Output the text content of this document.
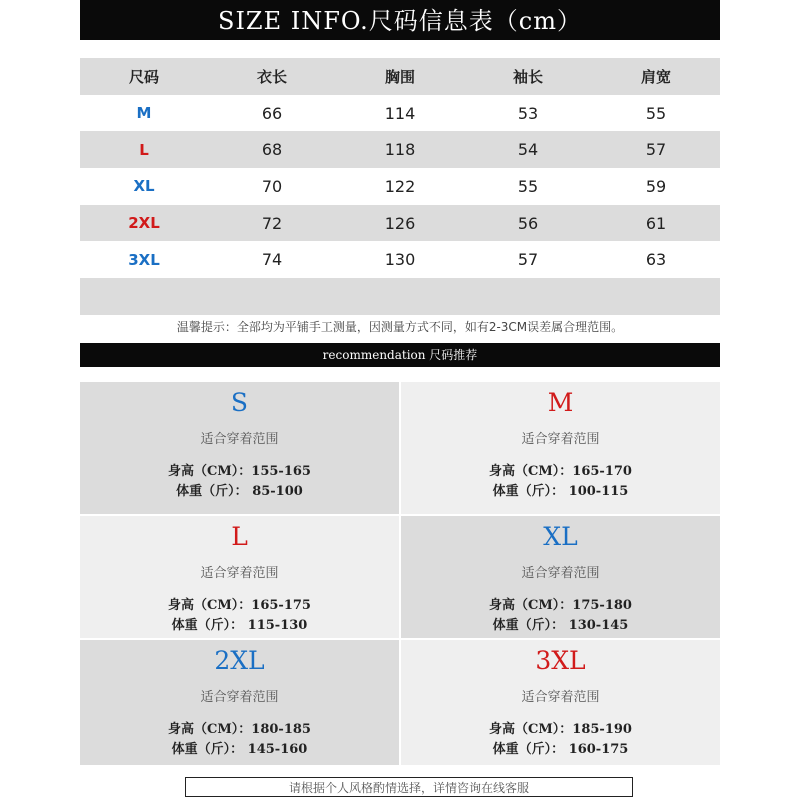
SIZE INFO.尺码信息表（cm）
尺码	衣长	胸围	袖长	肩宽
M	66	114	53	55
L	68	118	54	57
XL	70	122	55	59
2XL	72	126	56	61
3XL	74	130	57	63

温馨提示：全部均为平铺手工测量，因测量方式不同，如有2-3CM误差属合理范围。
recommendation 尺码推荐
S
适合穿着范围
身高（CM）：155-165
体重（斤）： 85-100
M
适合穿着范围
身高（CM）：165-170
体重（斤）： 100-115
L
适合穿着范围
身高（CM）：165-175
体重（斤）： 115-130
XL
适合穿着范围
身高（CM）：175-180
体重（斤）： 130-145
2XL
适合穿着范围
身高（CM）：180-185
体重（斤）： 145-160
3XL
适合穿着范围
身高（CM）：185-190
体重（斤）： 160-175
请根据个人风格酌情选择，详情咨询在线客服
